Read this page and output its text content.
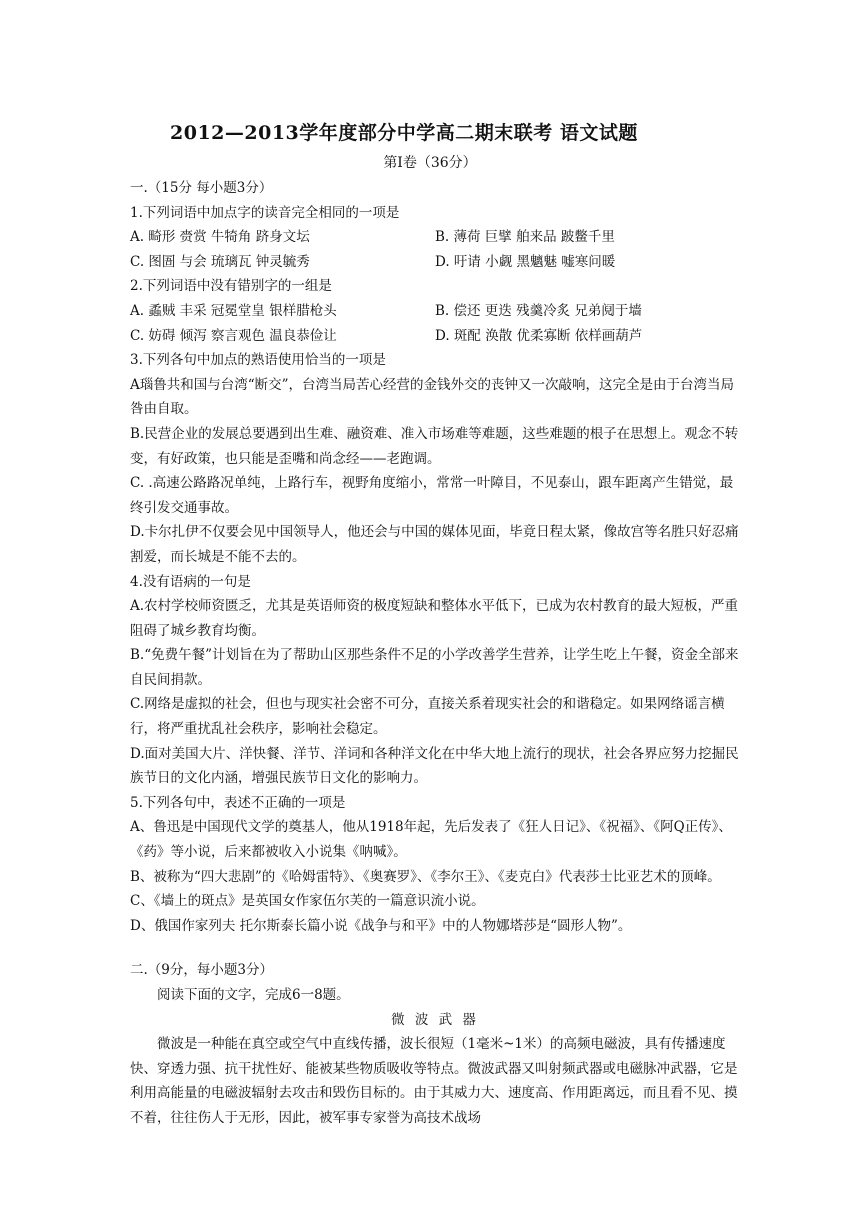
2012—2013学年度部分中学高二期末联考 语文试题
第Ⅰ卷（36分）
一.（15分 每小题3分）
1.下列词语中加点字的读音完全相同的一项是
A. 畸形 赍赏 牛犄角 跻身文坛	B. 薄荷 巨擘 舶来品 跛鳖千里
C. 图圄 与会 琉璃瓦 钟灵毓秀	D. 吁请 小觑 黑魑魅 嘘寒问暖
2.下列词语中没有错别字的一组是
A. 蟊贼 丰采 冠冕堂皇 银样腊枪头	B. 偿还 更迭 残羹冷炙 兄弟阋于墙
C. 妨碍 倾泻 察言观色 温良恭俭让	D. 斑配 涣散 优柔寡断 依样画葫芦
3.下列各句中加点的熟语使用恰当的一项是
A瑙鲁共和国与台湾“断交”，台湾当局苦心经营的金钱外交的丧钟又一次敲响，这完全是由于台湾当局咎由自取。
B.民营企业的发展总要遇到出生难、融资难、准入市场难等难题，这些难题的根子在思想上。观念不转变，有好政策，也只能是歪嘴和尚念经——老跑调。
C. .高速公路路况单纯，上路行车，视野角度缩小，常常一叶障目，不见泰山，跟车距离产生错觉，最终引发交通事故。
D.卡尔扎伊不仅要会见中国领导人，他还会与中国的媒体见面，毕竟日程太紧，像故宫等名胜只好忍痛割爱，而长城是不能不去的。
4.没有语病的一句是
A.农村学校师资匮乏，尤其是英语师资的极度短缺和整体水平低下，已成为农村教育的最大短板，严重阻碍了城乡教育均衡。
B.“免费午餐”计划旨在为了帮助山区那些条件不足的小学改善学生营养，让学生吃上午餐，资金全部来自民间捐款。
C.网络是虚拟的社会，但也与现实社会密不可分，直接关系着现实社会的和谐稳定。如果网络谣言横行，将严重扰乱社会秩序，影响社会稳定。
D.面对美国大片、洋快餐、洋节、洋词和各种洋文化在中华大地上流行的现状，社会各界应努力挖掘民族节日的文化内涵，增强民族节日文化的影响力。
5.下列各句中，表述不正确的一项是
A、鲁迅是中国现代文学的奠基人，他从1918年起，先后发表了《狂人日记》、《祝福》、《阿Q正传》、《药》等小说，后来都被收入小说集《呐喊》。
B、被称为“四大悲剧”的《哈姆雷特》、《奥赛罗》、《李尔王》、《麦克白》代表莎士比亚艺术的顶峰。
C、《墙上的斑点》是英国女作家伍尔芙的一篇意识流小说。
D、俄国作家列夫 托尔斯泰长篇小说《战争与和平》中的人物娜塔莎是“圆形人物”。
二.（9分，每小题3分）
阅读下面的文字，完成6一8题。
微 波 武 器
微波是一种能在真空或空气中直线传播，波长很短（1毫米~1米）的高频电磁波，具有传播速度快、穿透力强、抗干扰性好、能被某些物质吸收等特点。微波武器又叫射频武器或电磁脉冲武器，它是利用高能量的电磁波辐射去攻击和毁伤目标的。由于其威力大、速度高、作用距离远，而且看不见、摸 不着，往往伤人于无形，因此，被军事专家誉为高技术战场
